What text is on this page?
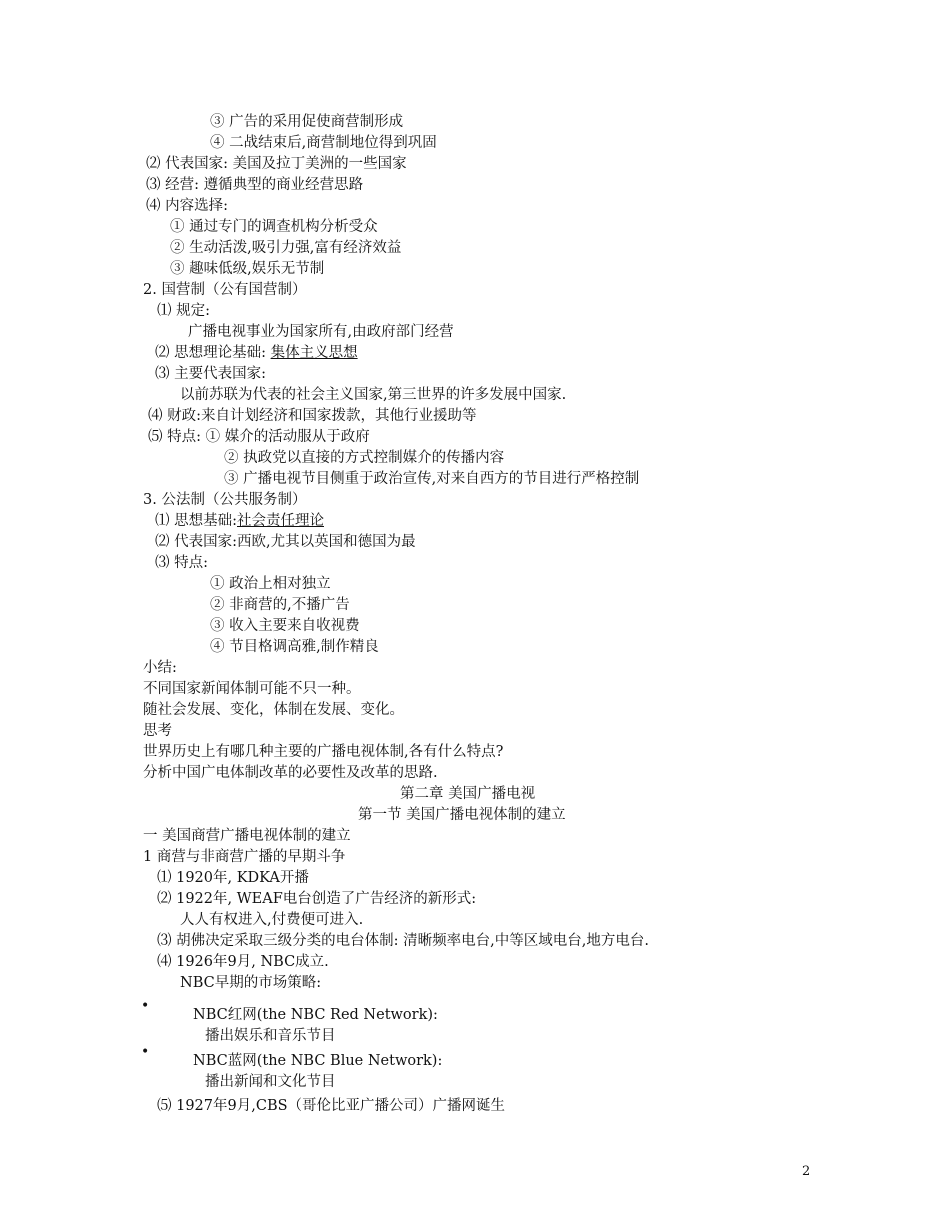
③ 广告的采用促使商营制形成
④ 二战结束后,商营制地位得到巩固
⑵ 代表国家: 美国及拉丁美洲的一些国家
⑶ 经营: 遵循典型的商业经营思路
⑷ 内容选择:
① 通过专门的调查机构分析受众
② 生动活泼,吸引力强,富有经济效益
③ 趣味低级,娱乐无节制
2. 国营制（公有国营制）
⑴ 规定:
广播电视事业为国家所有,由政府部门经营
⑵ 思想理论基础: 集体主义思想
⑶ 主要代表国家:
以前苏联为代表的社会主义国家,第三世界的许多发展中国家.
⑷ 财政:来自计划经济和国家拨款，其他行业援助等
⑸ 特点: ① 媒介的活动服从于政府
② 执政党以直接的方式控制媒介的传播内容
③ 广播电视节目侧重于政治宣传,对来自西方的节目进行严格控制
3. 公法制（公共服务制）
⑴ 思想基础:社会责任理论
⑵ 代表国家:西欧,尤其以英国和德国为最
⑶ 特点:
① 政治上相对独立
② 非商营的,不播广告
③ 收入主要来自收视费
④ 节目格调高雅,制作精良
小结:
不同国家新闻体制可能不只一种。
随社会发展、变化，体制在发展、变化。
思考
世界历史上有哪几种主要的广播电视体制,各有什么特点?
分析中国广电体制改革的必要性及改革的思路.
第二章 美国广播电视
第一节 美国广播电视体制的建立
一 美国商营广播电视体制的建立
1 商营与非商营广播的早期斗争
⑴ 1920年, KDKA开播
⑵ 1922年, WEAF电台创造了广告经济的新形式:
人人有权进入,付费便可进入.
⑶ 胡佛决定采取三级分类的电台体制: 清晰频率电台,中等区域电台,地方电台.
⑷ 1926年9月, NBC成立.
NBC早期的市场策略:
•
NBC红网(the NBC Red Network):
播出娱乐和音乐节目
•
NBC蓝网(the NBC Blue Network):
播出新闻和文化节目
⑸ 1927年9月,CBS（哥伦比亚广播公司）广播网诞生
2
